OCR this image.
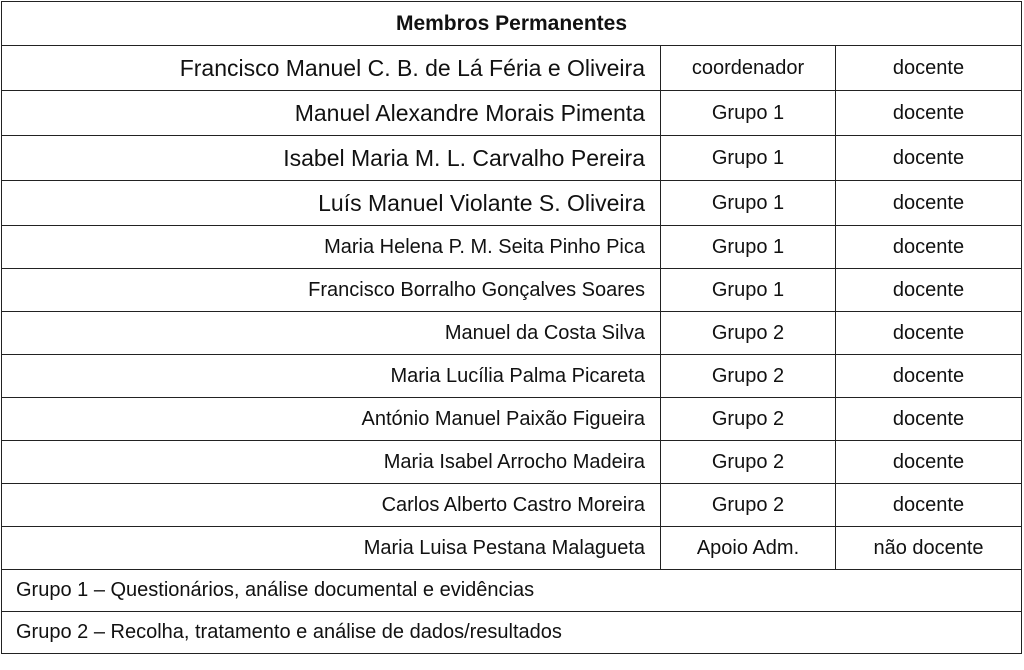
Membros Permanentes		
Francisco Manuel C. B. de Lá Féria e Oliveira	coordenador	docente
Manuel Alexandre Morais Pimenta	Grupo 1	docente
Isabel Maria M. L. Carvalho Pereira	Grupo 1	docente
Luís Manuel Violante S. Oliveira	Grupo 1	docente
Maria Helena P. M. Seita Pinho Pica	Grupo 1	docente
Francisco Borralho Gonçalves Soares	Grupo 1	docente
Manuel da Costa Silva	Grupo 2	docente
Maria Lucília Palma Picareta	Grupo 2	docente
António Manuel Paixão Figueira	Grupo 2	docente
Maria Isabel Arrocho Madeira	Grupo 2	docente
Carlos Alberto Castro Moreira	Grupo 2	docente
Maria Luisa Pestana Malagueta	Apoio Adm.	não docente
Grupo 1 – Questionários, análise documental e evidências		
Grupo 2 – Recolha, tratamento e análise de dados/resultados		
